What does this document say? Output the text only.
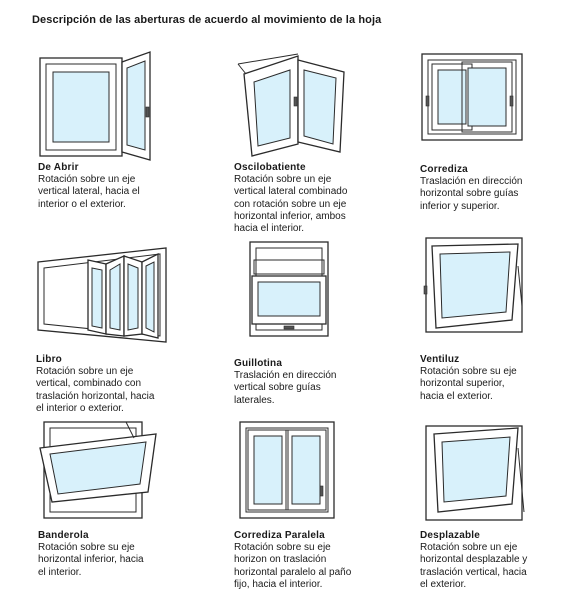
Descripción de las aberturas de acuerdo al movimiento de la hoja
De Abrir
Rotación sobre un eje
vertical lateral, hacia el
interior o el exterior.
Oscilobatiente
Rotación sobre un eje
vertical lateral combinado
con rotación sobre un eje
horizontal inferior, ambos
hacia el interior.
Corrediza
Traslación en dirección
horizontal sobre guías
inferior y superior.
Libro
Rotación sobre un eje
vertical, combinado con
traslación horizontal, hacia
el interior o exterior.
Guillotina
Traslación en dirección
vertical sobre guías
laterales.
Ventiluz
Rotación sobre su eje
horizontal superior,
hacia el exterior.
Banderola
Rotación sobre su eje
horizontal inferior, hacia
el interior.
Corrediza Paralela
Rotación sobre su eje
horizon on traslación
horizontal paralelo al paño
fijo, hacia el interior.
Desplazable
Rotación sobre un eje
horizontal desplazable y
traslación vertical, hacia
el exterior.
